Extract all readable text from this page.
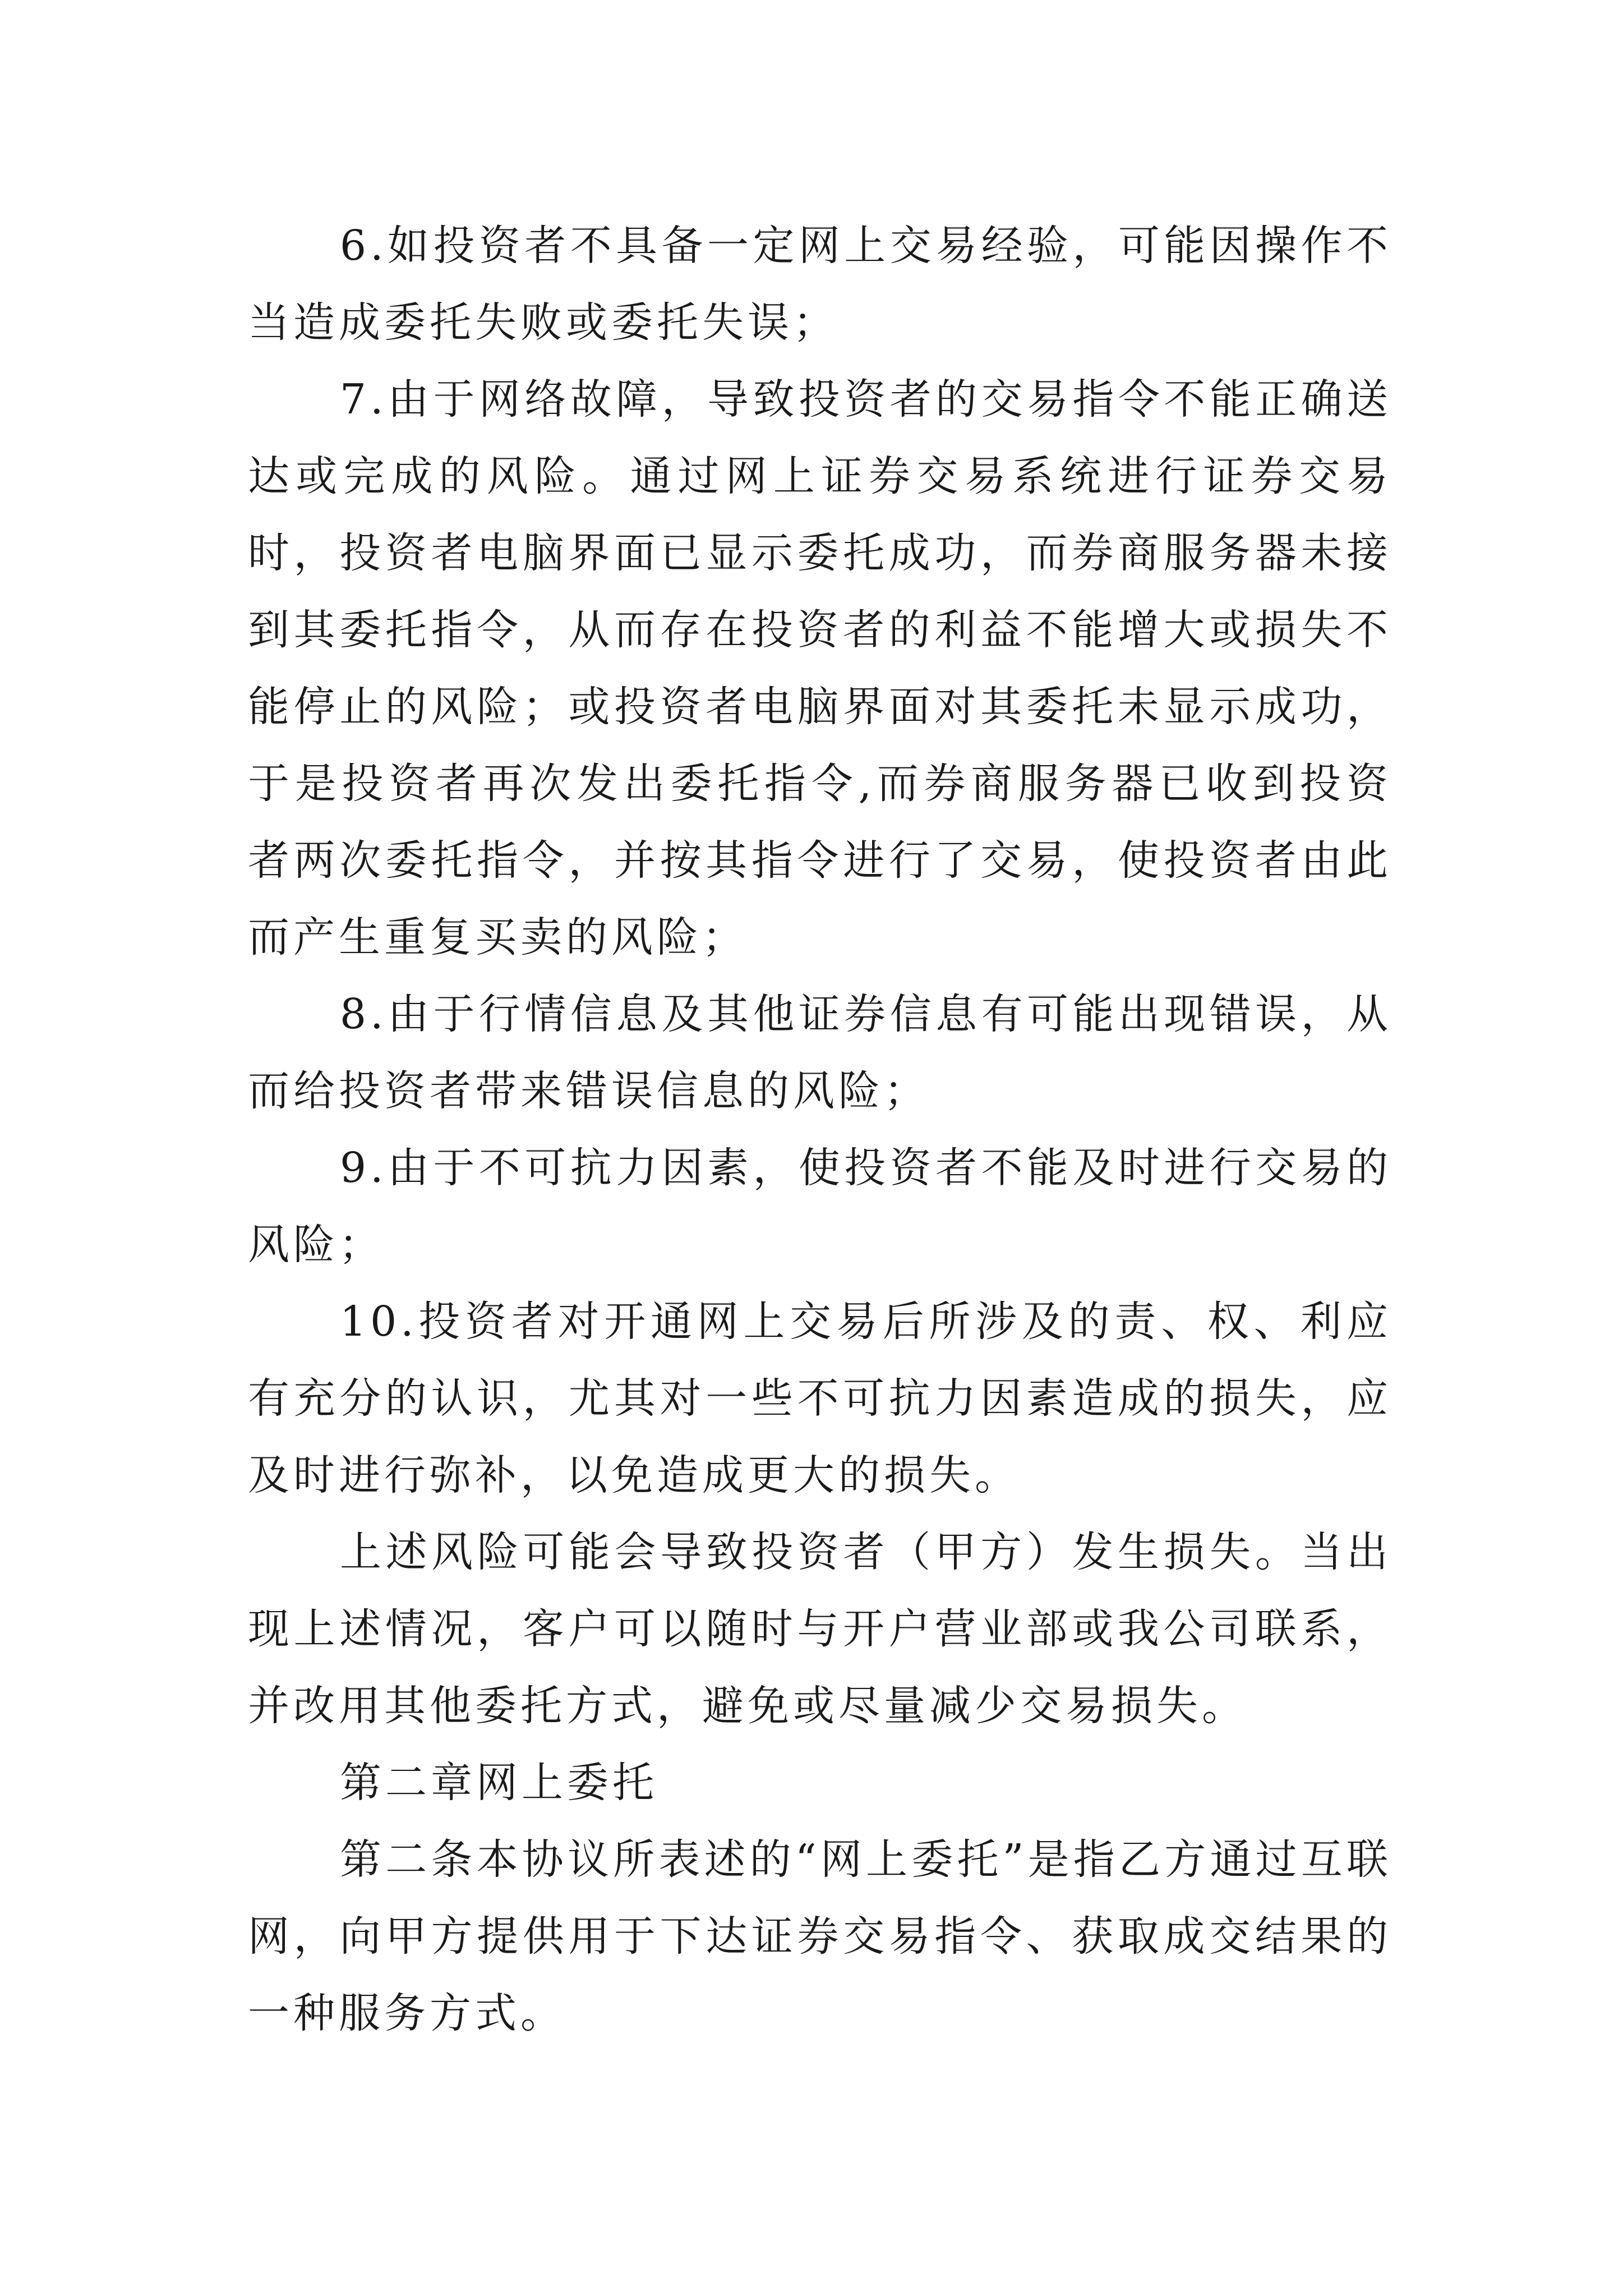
6.如投资者不具备一定网上交易经验，可能因操作不当造成委托失败或委托失误；

7.由于网络故障，导致投资者的交易指令不能正确送达或完成的风险。通过网上证券交易系统进行证券交易时，投资者电脑界面已显示委托成功，而券商服务器未接到其委托指令，从而存在投资者的利益不能增大或损失不能停止的风险；或投资者电脑界面对其委托未显示成功，于是投资者再次发出委托指令,而券商服务器已收到投资者两次委托指令，并按其指令进行了交易，使投资者由此而产生重复买卖的风险；

8.由于行情信息及其他证券信息有可能出现错误，从而给投资者带来错误信息的风险；

9.由于不可抗力因素，使投资者不能及时进行交易的风险；

10.投资者对开通网上交易后所涉及的责、权、利应有充分的认识，尤其对一些不可抗力因素造成的损失，应及时进行弥补，以免造成更大的损失。

上述风险可能会导致投资者（甲方）发生损失。当出现上述情况，客户可以随时与开户营业部或我公司联系，并改用其他委托方式，避免或尽量减少交易损失。

第二章网上委托

第二条本协议所表述的“网上委托”是指乙方通过互联网，向甲方提供用于下达证券交易指令、获取成交结果的一种服务方式。
